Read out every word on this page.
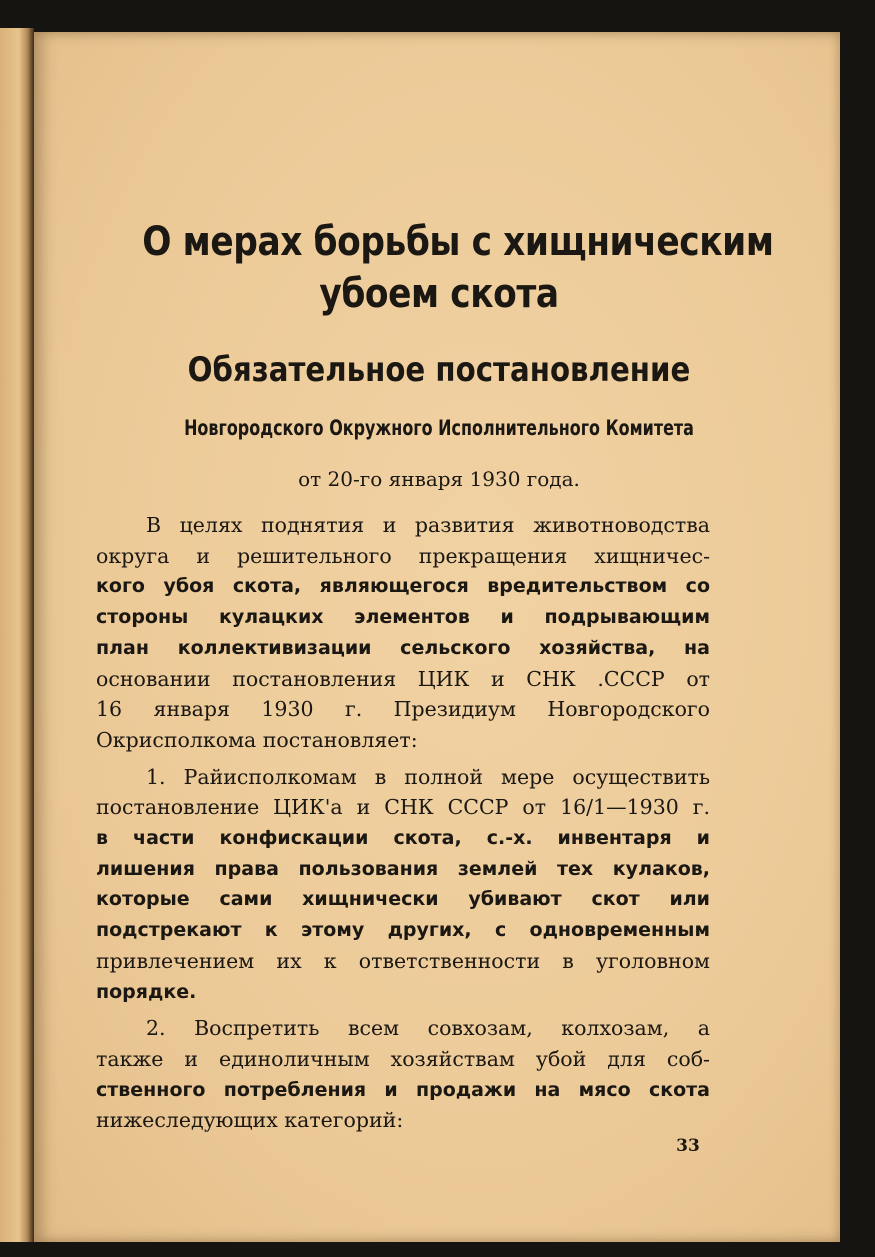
О мерах борьбы с хищническим
убоем скота
Обязательное постановление
Новгородского Окружного Исполнительного Комитета
от 20-го января 1930 года.
В целях поднятия и развития животноводства
округа и решительного прекращения хищничес-
кого убоя скота, являющегося вредительством со
стороны кулацких элементов и подрывающим
план коллективизации сельского хозяйства, на
основании постановления ЦИК и СНК .СССР от
16 января 1930 г. Президиум Новгородского
Окрисполкома постановляет:
1. Райисполкомам в полной мере осуществить
постановление ЦИК'а и СНК СССР от 16/1—1930 г.
в части конфискации скота, с.-х. инвентаря и
лишения права пользования землей тех кулаков,
которые сами хищнически убивают скот или
подстрекают к этому других, с одновременным
привлечением их к ответственности в уголовном
порядке.
2. Воспретить всем совхозам, колхозам, а
также и единоличным хозяйствам убой для соб-
ственного потребления и продажи на мясо скота
нижеследующих категорий:
33
